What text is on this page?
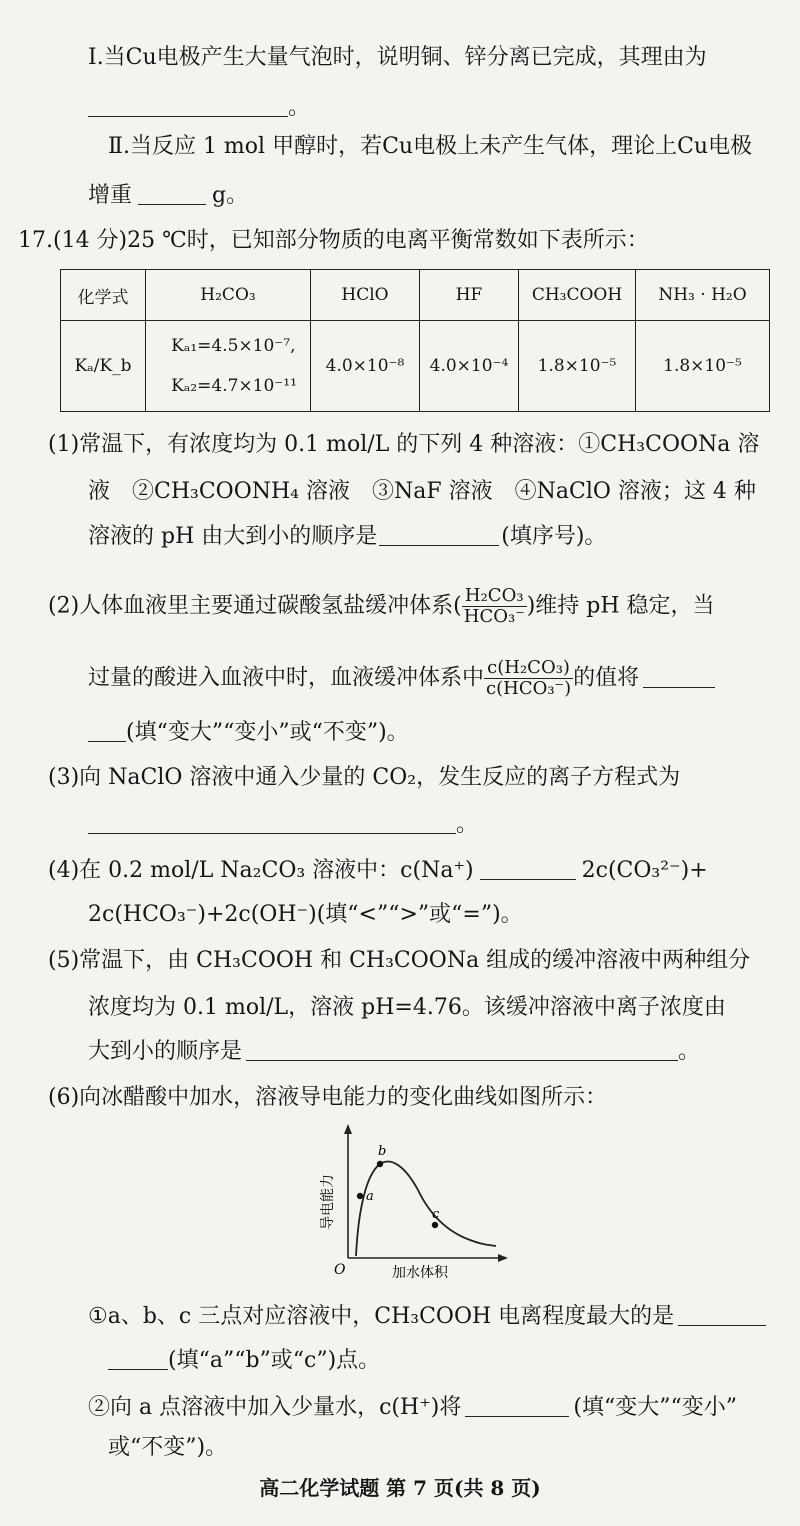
Ⅰ.当Cu电极产生大量气泡时，说明铜、锌分离已完成，其理由为
。
Ⅱ.当反应 1 mol 甲醇时，若Cu电极上未产生气体，理论上Cu电极
增重	g。
17.(14 分)25 ℃时，已知部分物质的电离平衡常数如下表所示：
化学式	H₂CO₃	HClO	HF	CH₃COOH	NH₃ · H₂O
Kₐ/K_b	Kₐ₁=4.5×10⁻⁷,
Kₐ₂=4.7×10⁻¹¹	4.0×10⁻⁸	4.0×10⁻⁴	1.8×10⁻⁵	1.8×10⁻⁵
(1)常温下，有浓度均为 0.1 mol/L 的下列 4 种溶液：①CH₃COONa 溶
液　②CH₃COONH₄ 溶液　③NaF 溶液　④NaClO 溶液；这 4 种
溶液的 pH 由大到小的顺序是	(填序号)。
(2)人体血液里主要通过碳酸氢盐缓冲体系( $\frac{\text{H₂CO₃}}{\text{HCO₃⁻}}$ )维持 pH 稳定，当
过量的酸进入血液中时，血液缓冲体系中 $\frac{\text{c(H₂CO₃)}}{\text{c(HCO₃⁻)}}$ 的值将
(填“变大”“变小”或“不变”)。
(3)向 NaClO 溶液中通入少量的 CO₂，发生反应的离子方程式为
。
(4)在 0.2 mol/L Na₂CO₃ 溶液中：c(Na⁺)	2c(CO₃²⁻)+
2c(HCO₃⁻)+2c(OH⁻)(填“<”“>”或“=”)。
(5)常温下，由 CH₃COOH 和 CH₃COONa 组成的缓冲溶液中两种组分
浓度均为 0.1 mol/L，溶液 pH=4.76。该缓冲溶液中离子浓度由
大到小的顺序是	。
(6)向冰醋酸中加水，溶液导电能力的变化曲线如图所示：
a
b
c
O	加水体积
导电能力
①a、b、c 三点对应溶液中，CH₃COOH 电离程度最大的是
(填“a”“b”或“c”)点。
②向 a 点溶液中加入少量水，c(H⁺)将	(填“变大”“变小”
或“不变”)。
高二化学试题 第 7 页(共 8 页)
